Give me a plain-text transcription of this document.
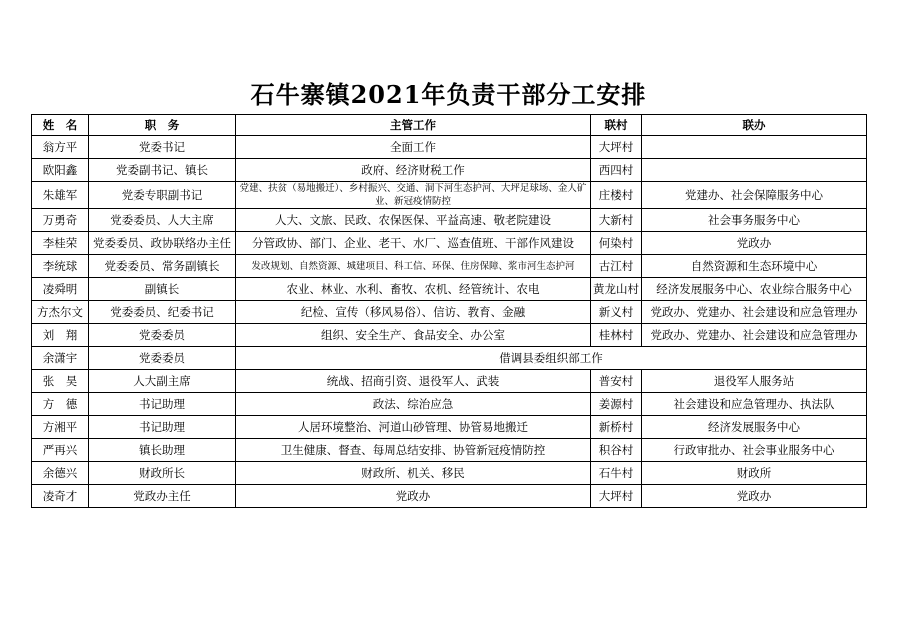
石牛寨镇2021年负责干部分工安排
姓　名	职　务	主管工作	联村	联办
翁方平	党委书记	全面工作	大坪村	
欧阳鑫	党委副书记、镇长	政府、经济财税工作	西四村	
朱雄军	党委专职副书记	党建、扶贫（易地搬迁）、乡村振兴、交通、洞下河生态护河、大坪足球场、金人矿业、新冠疫情防控	庄楼村	党建办、社会保障服务中心
万勇奇	党委委员、人大主席	人大、文旅、民政、农保医保、平益高速、敬老院建设	大新村	社会事务服务中心
李桂荣	党委委员、政协联络办主任	分管政协、部门、企业、老干、水厂、巡查值班、干部作风建设	何染村	党政办
李统球	党委委员、常务副镇长	发改规划、自然资源、城建项目、科工信、环保、住房保障、浆市河生态护河	古江村	自然资源和生态环境中心
凌舜明	副镇长	农业、林业、水利、畜牧、农机、经管统计、农电	黄龙山村	经济发展服务中心、农业综合服务中心
方杰尔文	党委委员、纪委书记	纪检、宣传（移风易俗）、信访、教育、金融	新义村	党政办、党建办、社会建设和应急管理办
刘　翔	党委委员	组织、安全生产、食品安全、办公室	桂林村	党政办、党建办、社会建设和应急管理办
余潇宇	党委委员	借调县委组织部工作		
张　昊	人大副主席	统战、招商引资、退役军人、武装	普安村	退役军人服务站
方　德	书记助理	政法、综治应急	姜源村	社会建设和应急管理办、执法队
方湘平	书记助理	人居环境整治、河道山砂管理、协管易地搬迁	新桥村	经济发展服务中心
严再兴	镇长助理	卫生健康、督查、每周总结安排、协管新冠疫情防控	积谷村	行政审批办、社会事业服务中心
余德兴	财政所长	财政所、机关、移民	石牛村	财政所
凌奇才	党政办主任	党政办	大坪村	党政办
